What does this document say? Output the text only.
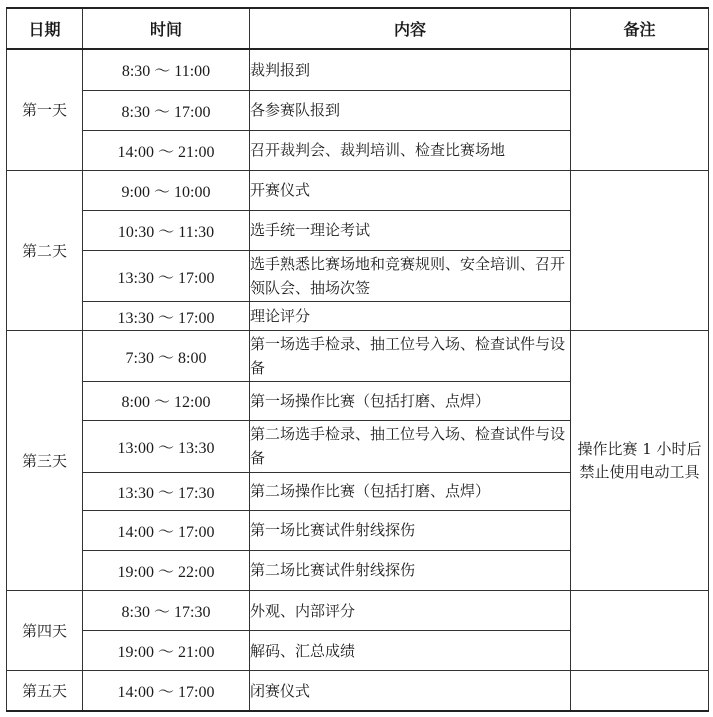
日期	时间	内容	备注
第一天	8:30 ～ 11:00	裁判报到	
	8:30 ～ 17:00	各参赛队报到	
	14:00 ～ 21:00	召开裁判会、裁判培训、检查比赛场地	
第二天	9:00 ～ 10:00	开赛仪式	
	10:30 ～ 11:30	选手统一理论考试	
	13:30 ～ 17:00	选手熟悉比赛场地和竞赛规则、安全培训、召开领队会、抽场次签	
	13:30 ～ 17:00	理论评分	
第三天	7:30 ～ 8:00	第一场选手检录、抽工位号入场、检查试件与设备	操作比赛 1 小时后禁止使用电动工具
	8:00 ～ 12:00	第一场操作比赛（包括打磨、点焊）	
	13:00 ～ 13:30	第二场选手检录、抽工位号入场、检查试件与设备	
	13:30 ～ 17:30	第二场操作比赛（包括打磨、点焊）	
	14:00 ～ 17:00	第一场比赛试件射线探伤	
	19:00 ～ 22:00	第二场比赛试件射线探伤	
第四天	8:30 ～ 17:30	外观、内部评分	
	19:00 ～ 21:00	解码、汇总成绩	
第五天	14:00 ～ 17:00	闭赛仪式	
